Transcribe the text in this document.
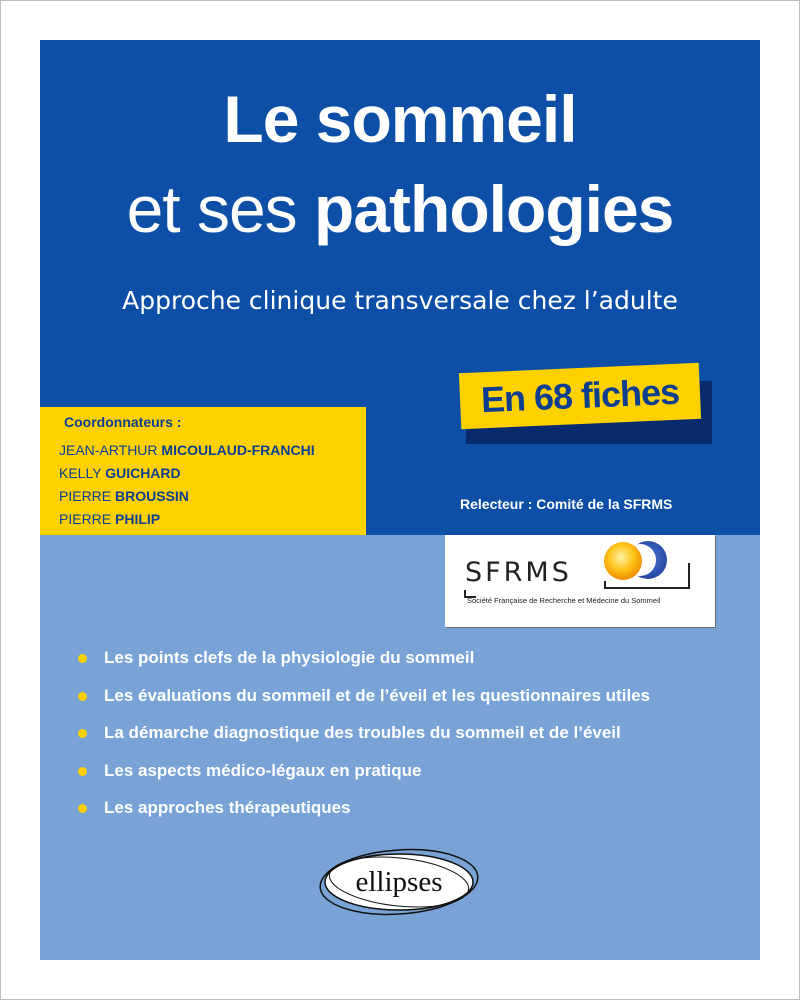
Le sommeil
et ses pathologies
Approche clinique transversale chez l’adulte
En 68 fiches
Coordonnateurs :
JEAN-ARTHUR MICOULAUD-FRANCHI
KELLY GUICHARD
PIERRE BROUSSIN
PIERRE PHILIP
Relecteur : Comité de la SFRMS
SFRMS
Société Française de Recherche et Médecine du Sommeil
Les points clefs de la physiologie du sommeil
Les évaluations du sommeil et de l’éveil et les questionnaires utiles
La démarche diagnostique des troubles du sommeil et de l’éveil
Les aspects médico-légaux en pratique
Les approches thérapeutiques
ellipses
